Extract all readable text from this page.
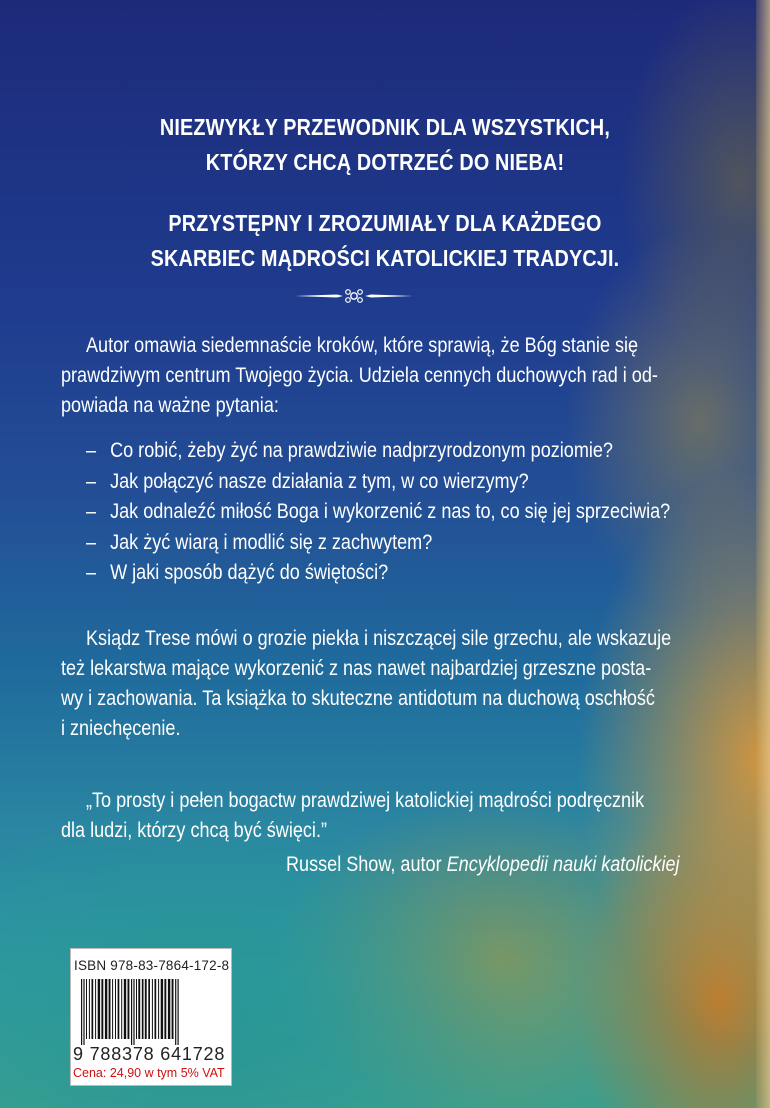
NIEZWYKŁY PRZEWODNIK DLA WSZYSTKICH,

KTÓRZY CHCĄ DOTRZEĆ DO NIEBA!

PRZYSTĘPNY I ZROZUMIAŁY DLA KAŻDEGO

SKARBIEC MĄDROŚCI KATOLICKIEJ TRADYCJI.

Autor omawia siedemnaście kroków, które sprawią, że Bóg stanie się

prawdziwym centrum Twojego życia. Udziela cennych duchowych rad i od-

powiada na ważne pytania:

– Co robić, żeby żyć na prawdziwie nadprzyrodzonym poziomie?
– Jak połączyć nasze działania z tym, w co wierzymy?
– Jak odnaleźć miłość Boga i wykorzenić z nas to, co się jej sprzeciwia?
– Jak żyć wiarą i modlić się z zachwytem?
– W jaki sposób dążyć do świętości?

Ksiądz Trese mówi o grozie piekła i niszczącej sile grzechu, ale wskazuje

też lekarstwa mające wykorzenić z nas nawet najbardziej grzeszne posta-

wy i zachowania. Ta książka to skuteczne antidotum na duchową oschłość

i zniechęcenie.

„To prosty i pełen bogactw prawdziwej katolickiej mądrości podręcznik

dla ludzi, którzy chcą być święci.”

Russel Show, autor Encyklopedii nauki katolickiej

ISBN 978-83-7864-172-8
9 788378 641728
Cena: 24,90 w tym 5% VAT
